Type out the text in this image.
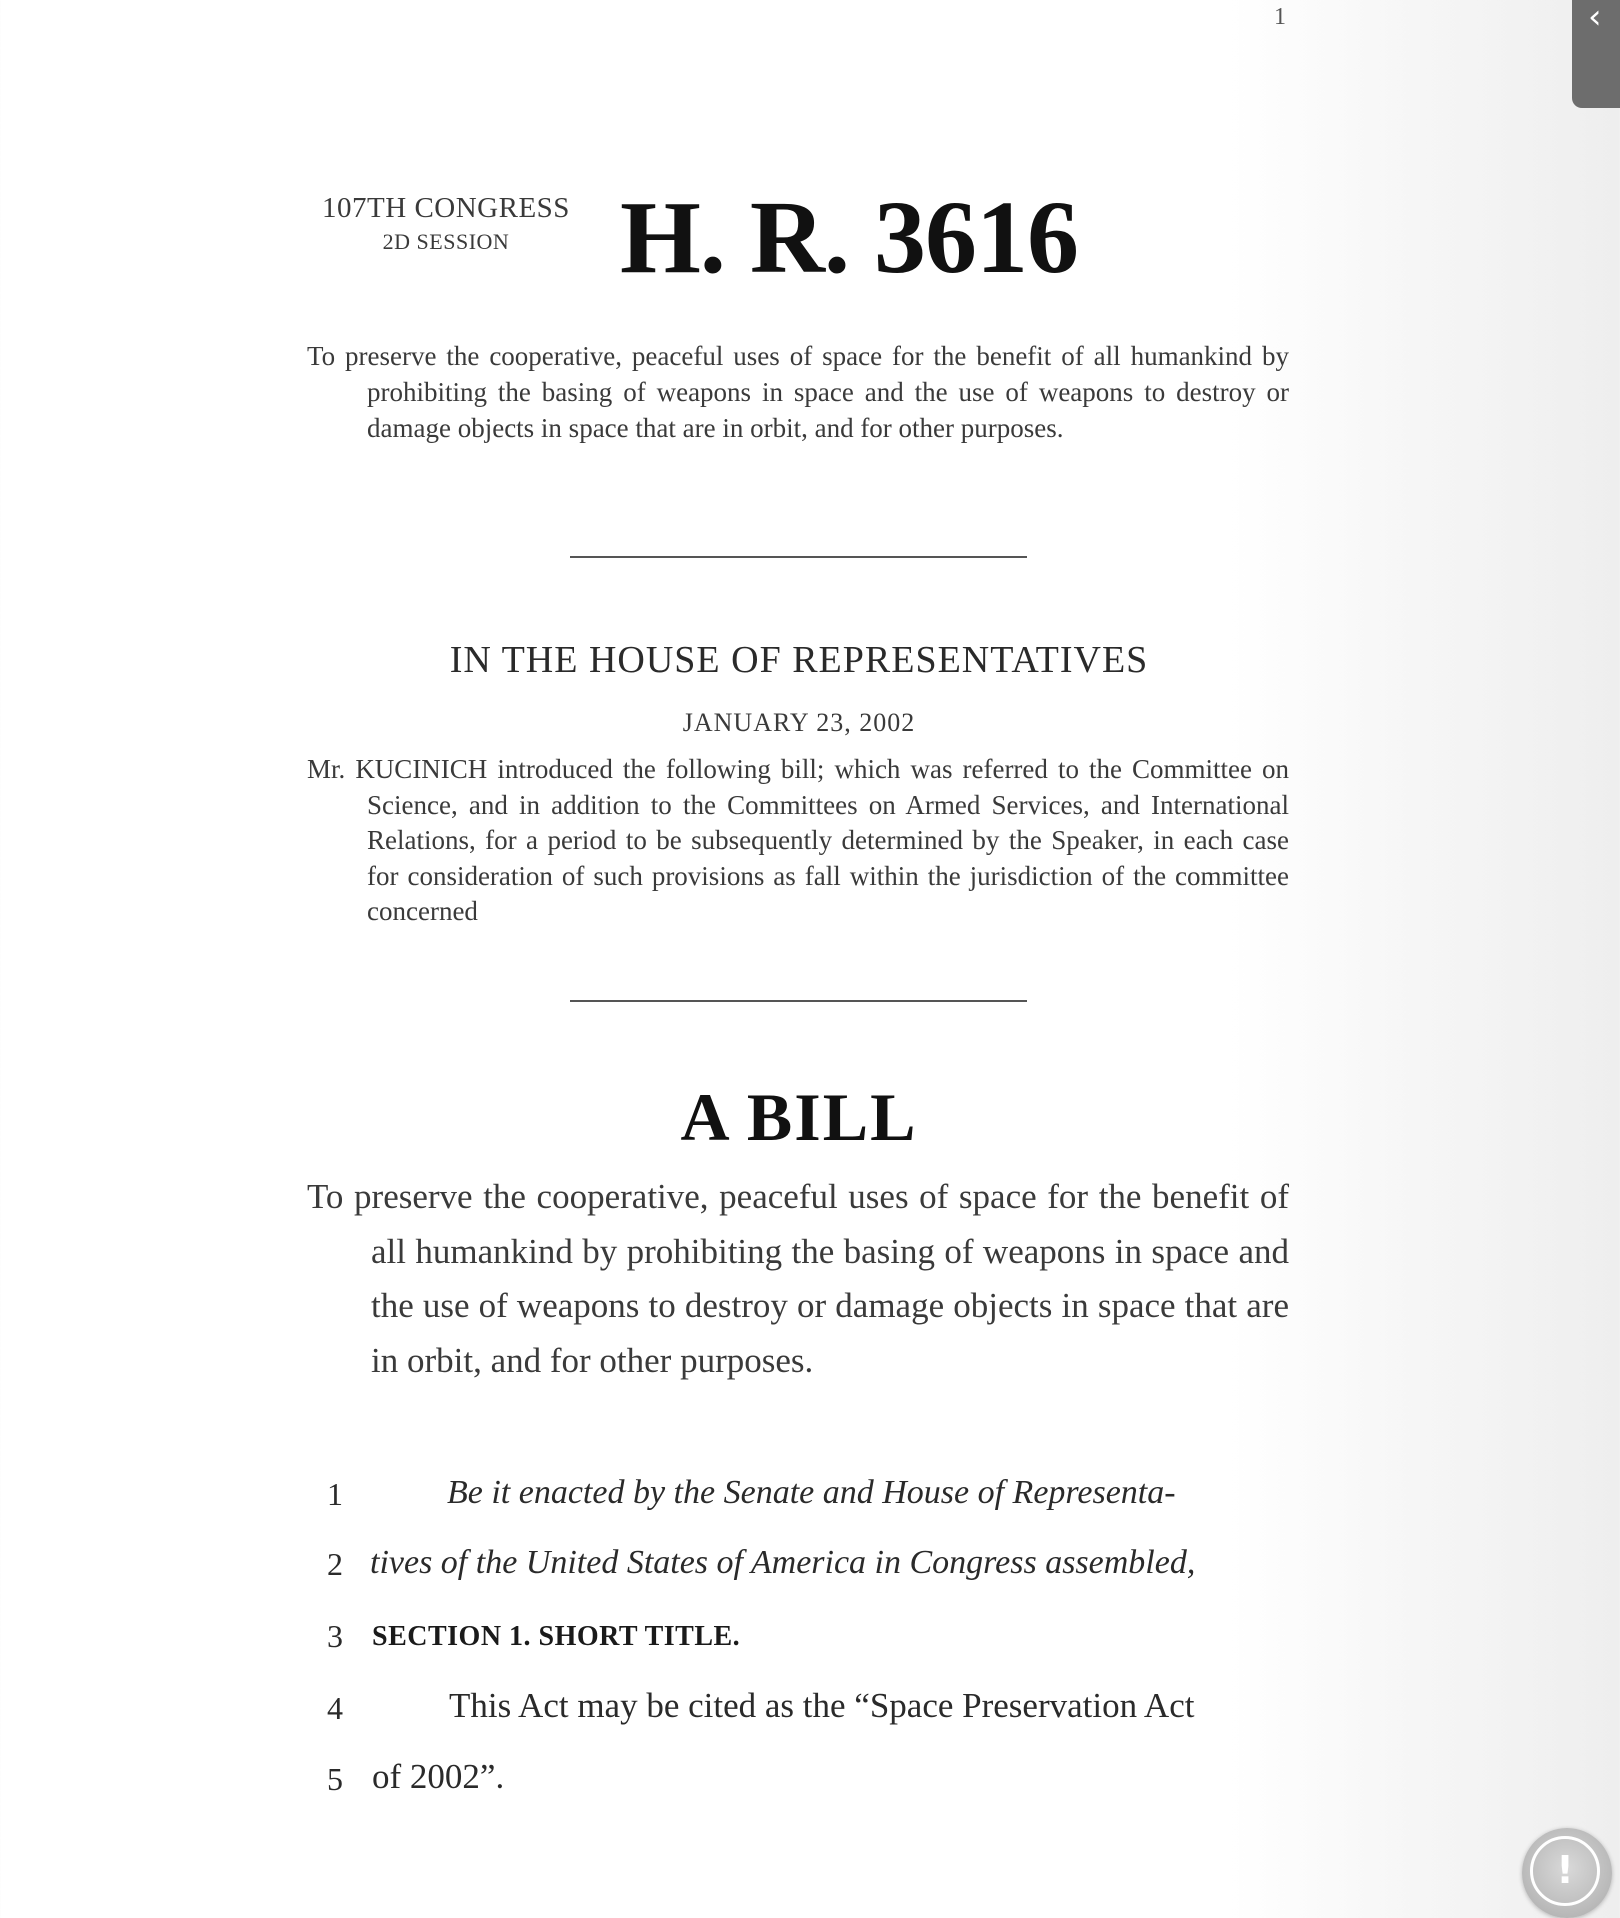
1
107TH CONGRESS
2D SESSION	H. R. 3616
To preserve the cooperative, peaceful uses of space for the benefit of all humankind by prohibiting the basing of weapons in space and the use of weapons to destroy or damage objects in space that are in orbit, and for other purposes.
IN THE HOUSE OF REPRESENTATIVES
JANUARY 23, 2002
Mr. KUCINICH introduced the following bill; which was referred to the Committee on Science, and in addition to the Committees on Armed Services, and International Relations, for a period to be subsequently determined by the Speaker, in each case for consideration of such provisions as fall within the jurisdiction of the committee concerned
A BILL
To preserve the cooperative, peaceful uses of space for the benefit of all humankind by prohibiting the basing of weapons in space and the use of weapons to destroy or damage objects in space that are in orbit, and for other purposes.
1	Be it enacted by the Senate and House of Representa-
2 tives of the United States of America in Congress assembled,
3	SECTION 1. SHORT TITLE.
4	This Act may be cited as the “Space Preservation Act
5 of 2002”.
‹
!
